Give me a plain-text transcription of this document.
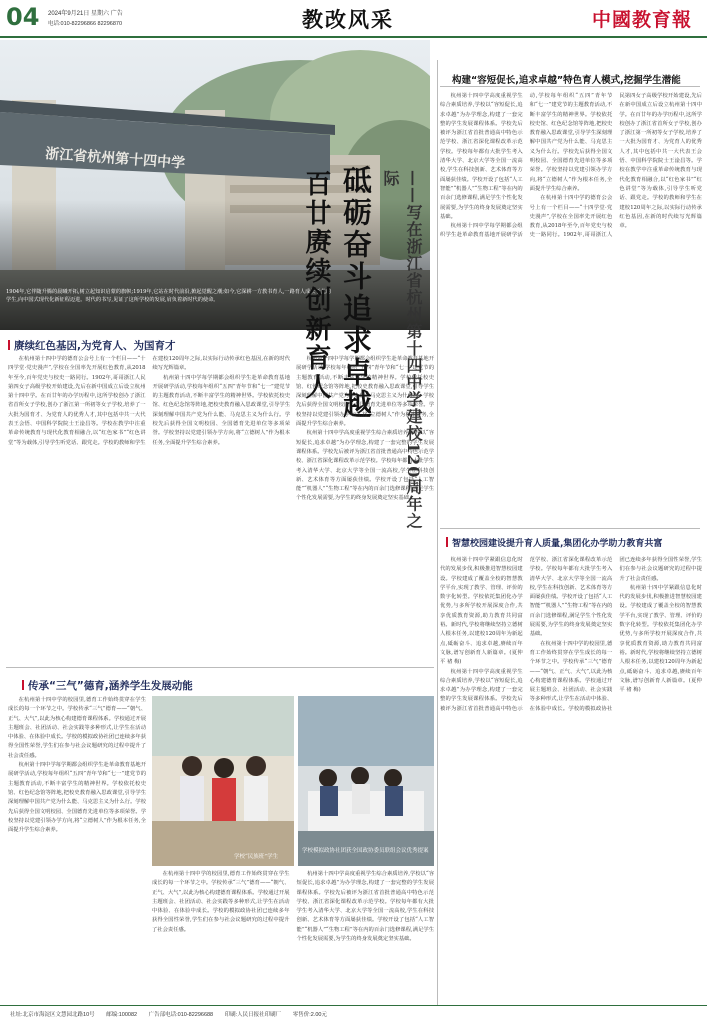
04 2024年9月21日 星期六 广告
电话:010-82296866 82296870	教改风采	中國教育報
1904年,它伴随升腾的晨曦开拓,树立起知识启蒙的旗帜;1919年,它站在时代前沿,掀起觉醒之潮;如今,它深耕一方教书育人,一路育人成长于此的学生,向中国式现代化新征程迈进。时代的书写,见证了这所学校的发展,肩负着新时代的使命。	百廿赓续创新育人 砥砺奋斗追求卓越	——写在浙江省杭州第十四中学建校120周年之际
构建“容短促长,追求卓越”特色育人模式,挖掘学生潜能

杭州第十四中学高度重视学生综合素质培养,学校以“容短促长,追求卓越”为办学理念,构建了一套完整的学生发展课程体系。学校先后被评为浙江省首批普通高中特色示范学校、浙江省深化课程改革示范学校。学校每年都有大批学生考入清华大学、北京大学等全国一流高校,学生在科技创新、艺术体育等方面屡获佳绩。学校开设了包括“人工智能”“机器人”“生物工程”等在内的百余门选修课程,满足学生个性化发展需要,为学生的终身发展奠定坚实基础。

杭州第十四中学每学期都会组织学生赴革命教育基地开展研学活动,学校每年组织“五四”青年节和“七一”建党节的主题教育活动,不断丰富学生的精神世界。学校依托校史馆、红色纪念馆等阵地,把校史教育融入思政课堂,引导学生深刻理解中国共产党为什么能、马克思主义为什么行。学校先后获得全国文明校园、全国德育先进单位等多项荣誉。学校坚持以党建引领办学方向,将“立德树人”作为根本任务,全面提升学生综合素养。

在杭州第十四中学的德育公会号上有一个栏目——“十四学堂·党史漫声”,学校在全国率先开展红色教育,从2018年至今,百年党史与校史一路同行。1902年,哥哥浙江人民第四女子高级学校开始建设,先后在新中国成立后设立杭州第十四中学。在百廿年的办学历程中,这所学校创办了浙江省首所女子学校,创办了浙江第一所初等女子学校,培养了一大批为国育才、为党育人的优秀人才,其中包括中共一大代表王会悟、中国科学院院士王淦昌等。学校在教学中注重革命传统教育与现代化教育相融合,以“红色家书”“红色讲堂”等为载体,引导学生听党话、跟党走。学校的教师和学生在建校120周年之际,以实际行动传承红色基因,在新的时代续写光辉篇章。

赓续红色基因,为党育人、为国育才

在杭州第十四中学的德育公会号上有一个栏目——“十四学堂·党史漫声”,学校在全国率先开展红色教育,从2018年至今,百年党史与校史一路同行。1902年,哥哥浙江人民第四女子高级学校开始建设,先后在新中国成立后设立杭州第十四中学。在百廿年的办学历程中,这所学校创办了浙江省首所女子学校,创办了浙江第一所初等女子学校,培养了一大批为国育才、为党育人的优秀人才,其中包括中共一大代表王会悟、中国科学院院士王淦昌等。学校在教学中注重革命传统教育与现代化教育相融合,以“红色家书”“红色讲堂”等为载体,引导学生听党话、跟党走。学校的教师和学生在建校120周年之际,以实际行动传承红色基因,在新的时代续写光辉篇章。

杭州第十四中学每学期都会组织学生赴革命教育基地开展研学活动,学校每年组织“五四”青年节和“七一”建党节的主题教育活动,不断丰富学生的精神世界。学校依托校史馆、红色纪念馆等阵地,把校史教育融入思政课堂,引导学生深刻理解中国共产党为什么能、马克思主义为什么行。学校先后获得全国文明校园、全国德育先进单位等多项荣誉。学校坚持以党建引领办学方向,将“立德树人”作为根本任务,全面提升学生综合素养。

杭州第十四中学每学期都会组织学生赴革命教育基地开展研学活动,学校每年组织“五四”青年节和“七一”建党节的主题教育活动,不断丰富学生的精神世界。学校依托校史馆、红色纪念馆等阵地,把校史教育融入思政课堂,引导学生深刻理解中国共产党为什么能、马克思主义为什么行。学校先后获得全国文明校园、全国德育先进单位等多项荣誉。学校坚持以党建引领办学方向,将“立德树人”作为根本任务,全面提升学生综合素养。

杭州第十四中学高度重视学生综合素质培养,学校以“容短促长,追求卓越”为办学理念,构建了一套完整的学生发展课程体系。学校先后被评为浙江省首批普通高中特色示范学校、浙江省深化课程改革示范学校。学校每年都有大批学生考入清华大学、北京大学等全国一流高校,学生在科技创新、艺术体育等方面屡获佳绩。学校开设了包括“人工智能”“机器人”“生物工程”等在内的百余门选修课程,满足学生个性化发展需要,为学生的终身发展奠定坚实基础。

传承“三气”德育,涵养学生发展动能

在杭州第十四中学的校园里,德育工作始终贯穿在学生成长的每一个环节之中。学校传承“三气”德育——“朝气、正气、大气”,以此为核心构建德育课程体系。学校通过开展主题班会、社团活动、社会实践等多种形式,让学生在活动中体验、在体验中成长。学校的模拟政协社团已连续多年获得全国性荣誉,学生们在参与社会议题研究的过程中提升了社会责任感。

杭州第十四中学每学期都会组织学生赴革命教育基地开展研学活动,学校每年组织“五四”青年节和“七一”建党节的主题教育活动,不断丰富学生的精神世界。学校依托校史馆、红色纪念馆等阵地,把校史教育融入思政课堂,引导学生深刻理解中国共产党为什么能、马克思主义为什么行。学校先后获得全国文明校园、全国德育先进单位等多项荣誉。学校坚持以党建引领办学方向,将“立德树人”作为根本任务,全面提升学生综合素养。

在杭州第十四中学的校园里,德育工作始终贯穿在学生成长的每一个环节之中。学校传承“三气”德育——“朝气、正气、大气”,以此为核心构建德育课程体系。学校通过开展主题班会、社团活动、社会实践等多种形式,让学生在活动中体验、在体验中成长。学校的模拟政协社团已连续多年获得全国性荣誉,学生们在参与社会议题研究的过程中提升了社会责任感。

杭州第十四中学高度重视学生综合素质培养,学校以“容短促长,追求卓越”为办学理念,构建了一套完整的学生发展课程体系。学校先后被评为浙江省首批普通高中特色示范学校、浙江省深化课程改革示范学校。学校每年都有大批学生考入清华大学、北京大学等全国一流高校,学生在科技创新、艺术体育等方面屡获佳绩。学校开设了包括“人工智能”“机器人”“生物工程”等在内的百余门选修课程,满足学生个性化发展需要,为学生的终身发展奠定坚实基础。

学校“民族班”学生
学校模拟政协社团获全国政协委员联组会议优秀提案
智慧校园建设提升育人质量,集团化办学助力教育共富

杭州第十四中学紧跟信息化时代的发展步伐,积极推进智慧校园建设。学校建成了覆盖全校的智慧教学平台,实现了教学、管理、评价的数字化转型。学校依托集团化办学优势,与多所学校开展深度合作,共享优质教育资源,助力教育共同富裕。新时代,学校将继续坚持立德树人根本任务,以建校120周年为新起点,砥砺奋斗、追求卓越,赓续百年文脉,谱写创新育人新篇章。(夏仲平 褚 梅)

杭州第十四中学高度重视学生综合素质培养,学校以“容短促长,追求卓越”为办学理念,构建了一套完整的学生发展课程体系。学校先后被评为浙江省首批普通高中特色示范学校、浙江省深化课程改革示范学校。学校每年都有大批学生考入清华大学、北京大学等全国一流高校,学生在科技创新、艺术体育等方面屡获佳绩。学校开设了包括“人工智能”“机器人”“生物工程”等在内的百余门选修课程,满足学生个性化发展需要,为学生的终身发展奠定坚实基础。

在杭州第十四中学的校园里,德育工作始终贯穿在学生成长的每一个环节之中。学校传承“三气”德育——“朝气、正气、大气”,以此为核心构建德育课程体系。学校通过开展主题班会、社团活动、社会实践等多种形式,让学生在活动中体验、在体验中成长。学校的模拟政协社团已连续多年获得全国性荣誉,学生们在参与社会议题研究的过程中提升了社会责任感。

杭州第十四中学紧跟信息化时代的发展步伐,积极推进智慧校园建设。学校建成了覆盖全校的智慧教学平台,实现了教学、管理、评价的数字化转型。学校依托集团化办学优势,与多所学校开展深度合作,共享优质教育资源,助力教育共同富裕。新时代,学校将继续坚持立德树人根本任务,以建校120周年为新起点,砥砺奋斗、追求卓越,赓续百年文脉,谱写创新育人新篇章。(夏仲平 褚 梅)

社址:北京市海淀区文慧园北路10号 邮编:100082 广告部电话:010-82296688 印刷:人民日报社印刷厂 零售价:2.00元
